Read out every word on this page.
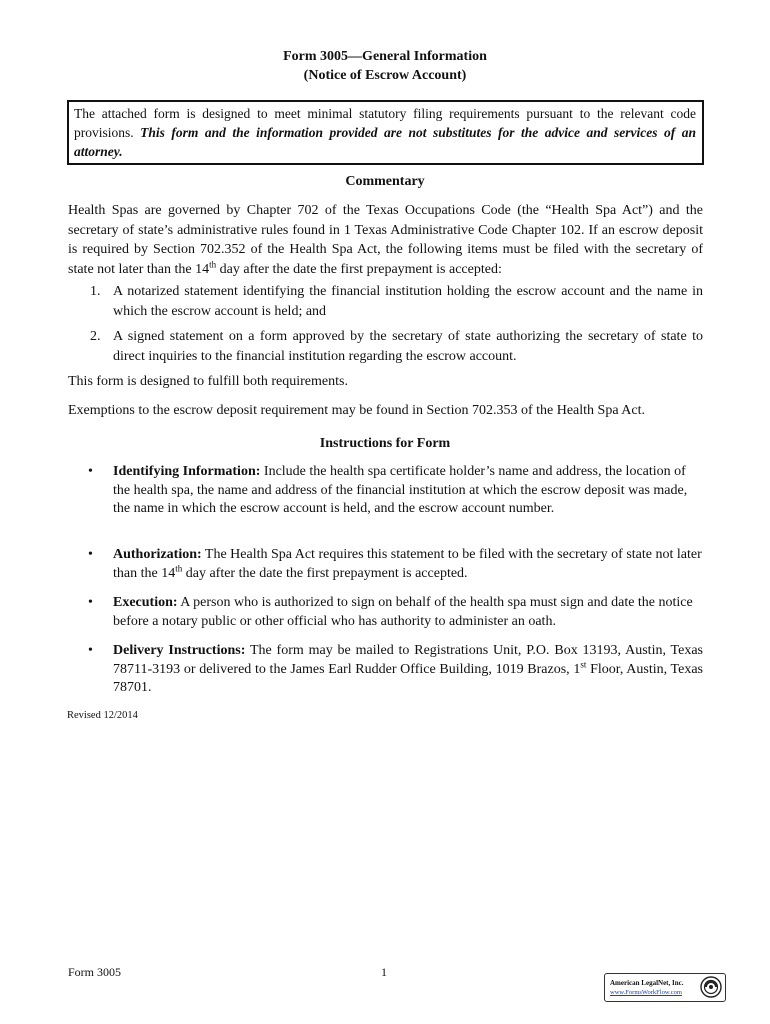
Form 3005—General Information
(Notice of Escrow Account)
The attached form is designed to meet minimal statutory filing requirements pursuant to the relevant code provisions. This form and the information provided are not substitutes for the advice and services of an attorney.
Commentary
Health Spas are governed by Chapter 702 of the Texas Occupations Code (the “Health Spa Act”) and the secretary of state’s administrative rules found in 1 Texas Administrative Code Chapter 102. If an escrow deposit is required by Section 702.352 of the Health Spa Act, the following items must be filed with the secretary of state not later than the 14th day after the date the first prepayment is accepted:
1. A notarized statement identifying the financial institution holding the escrow account and the name in which the escrow account is held; and
2. A signed statement on a form approved by the secretary of state authorizing the secretary of state to direct inquiries to the financial institution regarding the escrow account.
This form is designed to fulfill both requirements.
Exemptions to the escrow deposit requirement may be found in Section 702.353 of the Health Spa Act.
Instructions for Form
• Identifying Information: Include the health spa certificate holder’s name and address, the location of the health spa, the name and address of the financial institution at which the escrow deposit was made, the name in which the escrow account is held, and the escrow account number.
• Authorization: The Health Spa Act requires this statement to be filed with the secretary of state not later than the 14th day after the date the first prepayment is accepted.
• Execution: A person who is authorized to sign on behalf of the health spa must sign and date the notice before a notary public or other official who has authority to administer an oath.
• Delivery Instructions: The form may be mailed to Registrations Unit, P.O. Box 13193, Austin, Texas 78711-3193 or delivered to the James Earl Rudder Office Building, 1019 Brazos, 1st Floor, Austin, Texas 78701.
Revised 12/2014
Form 3005	1
American LegalNet, Inc.
www.FormsWorkFlow.com
